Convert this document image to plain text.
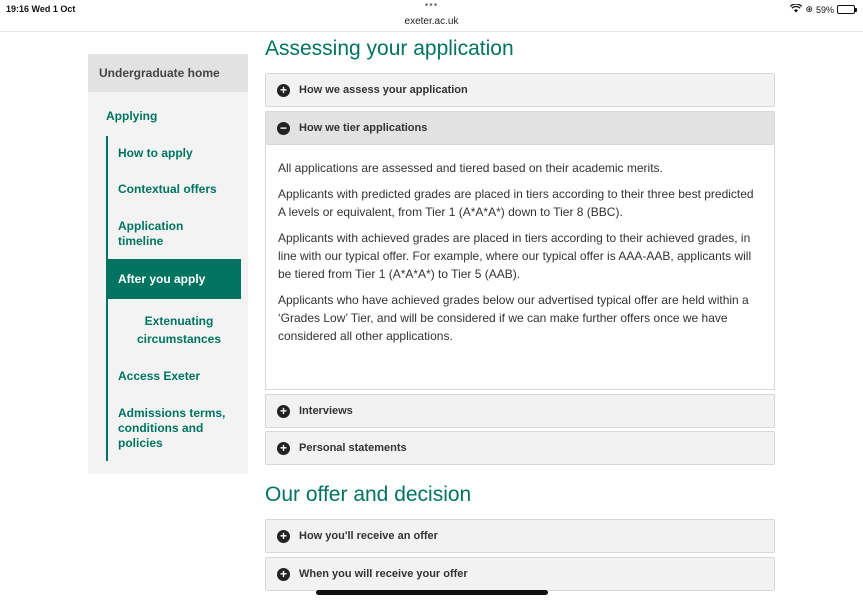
19:16 Wed 1 Oct	•••
exeter.ac.uk
⊕ 59%
Undergraduate home
Applying
How to apply
Contextual offers
Application timeline
After you apply
Extenuating circumstances
Access Exeter
Admissions terms, conditions and policies
Assessing your application
+ How we assess your application
− How we tier applications

All applications are assessed and tiered based on their academic merits.

Applicants with predicted grades are placed in tiers according to their three best predicted A levels or equivalent, from Tier 1 (A*A*A*) down to Tier 8 (BBC).

Applicants with achieved grades are placed in tiers according to their achieved grades, in line with our typical offer. For example, where our typical offer is AAA-AAB, applicants will be tiered from Tier 1 (A*A*A*) to Tier 5 (AAB).

Applicants who have achieved grades below our advertised typical offer are held within a ‘Grades Low’ Tier, and will be considered if we can make further offers once we have considered all other applications.

+ Interviews
+ Personal statements
Our offer and decision
+ How you'll receive an offer
+ When you will receive your offer
